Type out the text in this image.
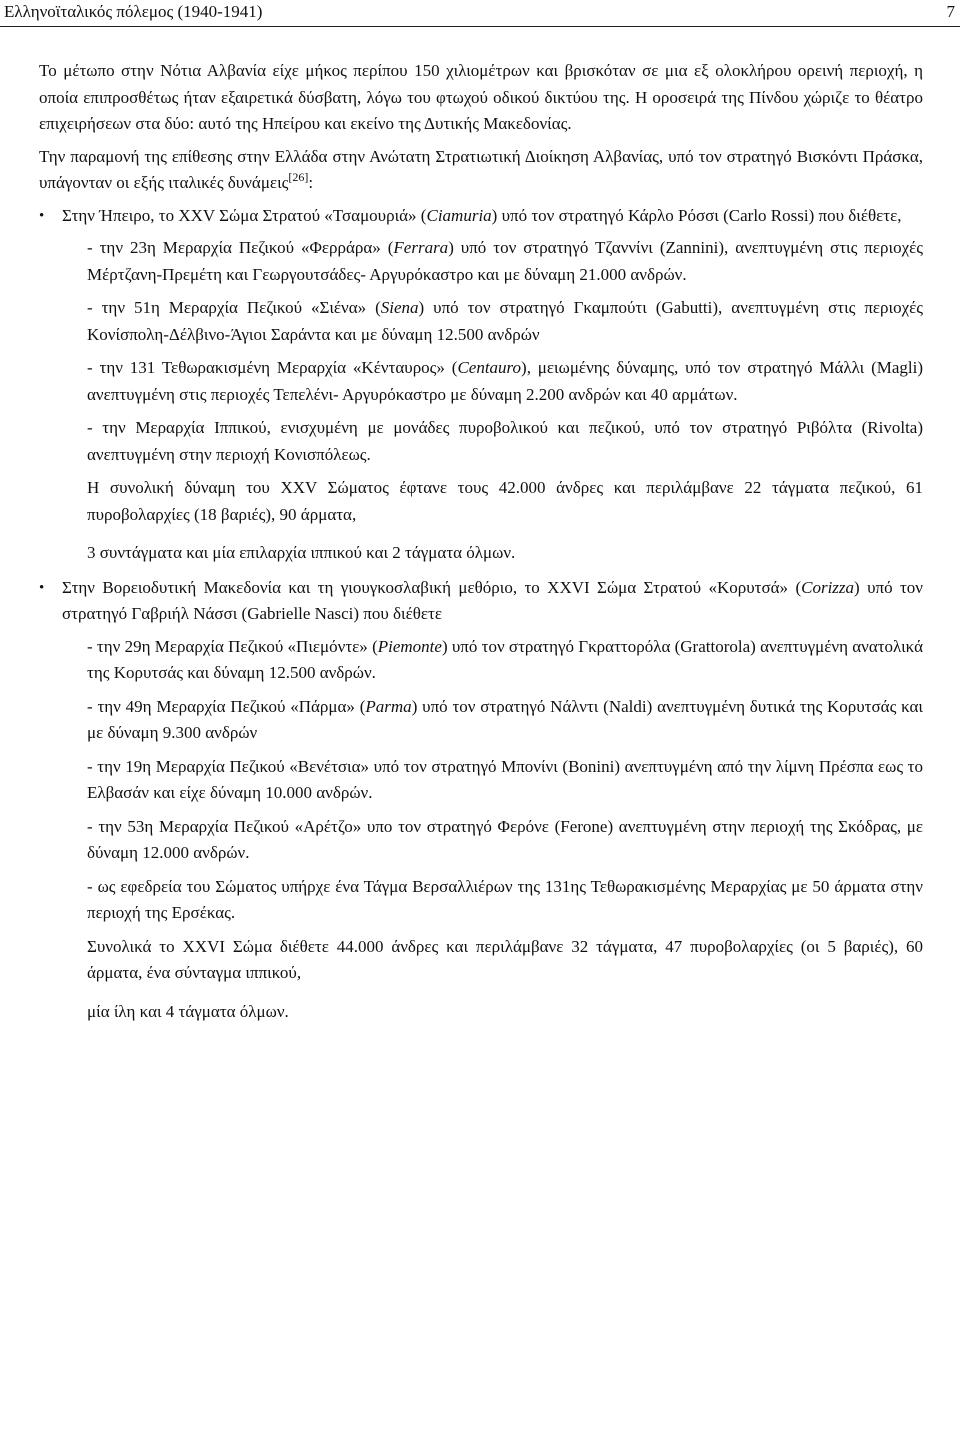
Ελληνοϊταλικός πόλεμος (1940-1941)	7

Το μέτωπο στην Νότια Αλβανία είχε μήκος περίπου 150 χιλιομέτρων και βρισκόταν σε μια εξ ολοκλήρου ορεινή περιοχή, η οποία επιπροσθέτως ήταν εξαιρετικά δύσβατη, λόγω του φτωχού οδικού δικτύου της. Η οροσειρά της Πίνδου χώριζε το θέατρο επιχειρήσεων στα δύο: αυτό της Ηπείρου και εκείνο της Δυτικής Μακεδονίας.

Την παραμονή της επίθεσης στην Ελλάδα στην Ανώτατη Στρατιωτική Διοίκηση Αλβανίας, υπό τον στρατηγό Βισκόντι Πράσκα, υπάγονταν οι εξής ιταλικές δυνάμεις[26]:

• Στην Ήπειρο, το XXV Σώμα Στρατού «Τσαμουριά» (Ciamuria) υπό τον στρατηγό Κάρλο Ρόσσι (Carlo Rossi) που διέθετε,

- την 23η Μεραρχία Πεζικού «Φερράρα» (Ferrara) υπό τον στρατηγό Τζαννίνι (Zannini), ανεπτυγμένη στις περιοχές Μέρτζανη-Πρεμέτη και Γεωργουτσάδες- Αργυρόκαστρο και με δύναμη 21.000 ανδρών.

- την 51η Μεραρχία Πεζικού «Σιένα» (Siena) υπό τον στρατηγό Γκαμπούτι (Gabutti), ανεπτυγμένη στις περιοχές Κονίσπολη-Δέλβινο-Άγιοι Σαράντα και με δύναμη 12.500 ανδρών

- την 131 Τεθωρακισμένη Μεραρχία «Κένταυρος» (Centauro), μειωμένης δύναμης, υπό τον στρατηγό Μάλλι (Magli) ανεπτυγμένη στις περιοχές Τεπελένι- Αργυρόκαστρο με δύναμη 2.200 ανδρών και 40 αρμάτων.

- την Μεραρχία Ιππικού, ενισχυμένη με μονάδες πυροβολικού και πεζικού, υπό τον στρατηγό Ριβόλτα (Rivolta) ανεπτυγμένη στην περιοχή Κονισπόλεως.

Η συνολική δύναμη του XXV Σώματος έφτανε τους 42.000 άνδρες και περιλάμβανε 22 τάγματα πεζικού, 61 πυροβολαρχίες (18 βαριές), 90 άρματα,

3 συντάγματα και μία επιλαρχία ιππικού και 2 τάγματα όλμων.

• Στην Βορειοδυτική Μακεδονία και τη γιουγκοσλαβική μεθόριο, το XXVI Σώμα Στρατού «Κορυτσά» (Corizza) υπό τον στρατηγό Γαβριήλ Νάσσι (Gabrielle Nasci) που διέθετε

- την 29η Μεραρχία Πεζικού «Πιεμόντε» (Piemonte) υπό τον στρατηγό Γκραττορόλα (Grattorola) ανεπτυγμένη ανατολικά της Κορυτσάς και δύναμη 12.500 ανδρών.

- την 49η Μεραρχία Πεζικού «Πάρμα» (Parma) υπό τον στρατηγό Νάλντι (Naldi) ανεπτυγμένη δυτικά της Κορυτσάς και με δύναμη 9.300 ανδρών

- την 19η Μεραρχία Πεζικού «Βενέτσια» υπό τον στρατηγό Μπονίνι (Bonini) ανεπτυγμένη από την λίμνη Πρέσπα εως το Ελβασάν και είχε δύναμη 10.000 ανδρών.

- την 53η Μεραρχία Πεζικού «Αρέτζο» υπο τον στρατηγό Φερόνε (Ferone) ανεπτυγμένη στην περιοχή της Σκόδρας, με δύναμη 12.000 ανδρών.

- ως εφεδρεία του Σώματος υπήρχε ένα Τάγμα Βερσαλλιέρων της 131ης Τεθωρακισμένης Μεραρχίας με 50 άρματα στην περιοχή της Ερσέκας.

Συνολικά το XXVI Σώμα διέθετε 44.000 άνδρες και περιλάμβανε 32 τάγματα, 47 πυροβολαρχίες (οι 5 βαριές), 60 άρματα, ένα σύνταγμα ιππικού,

μία ίλη και 4 τάγματα όλμων.
